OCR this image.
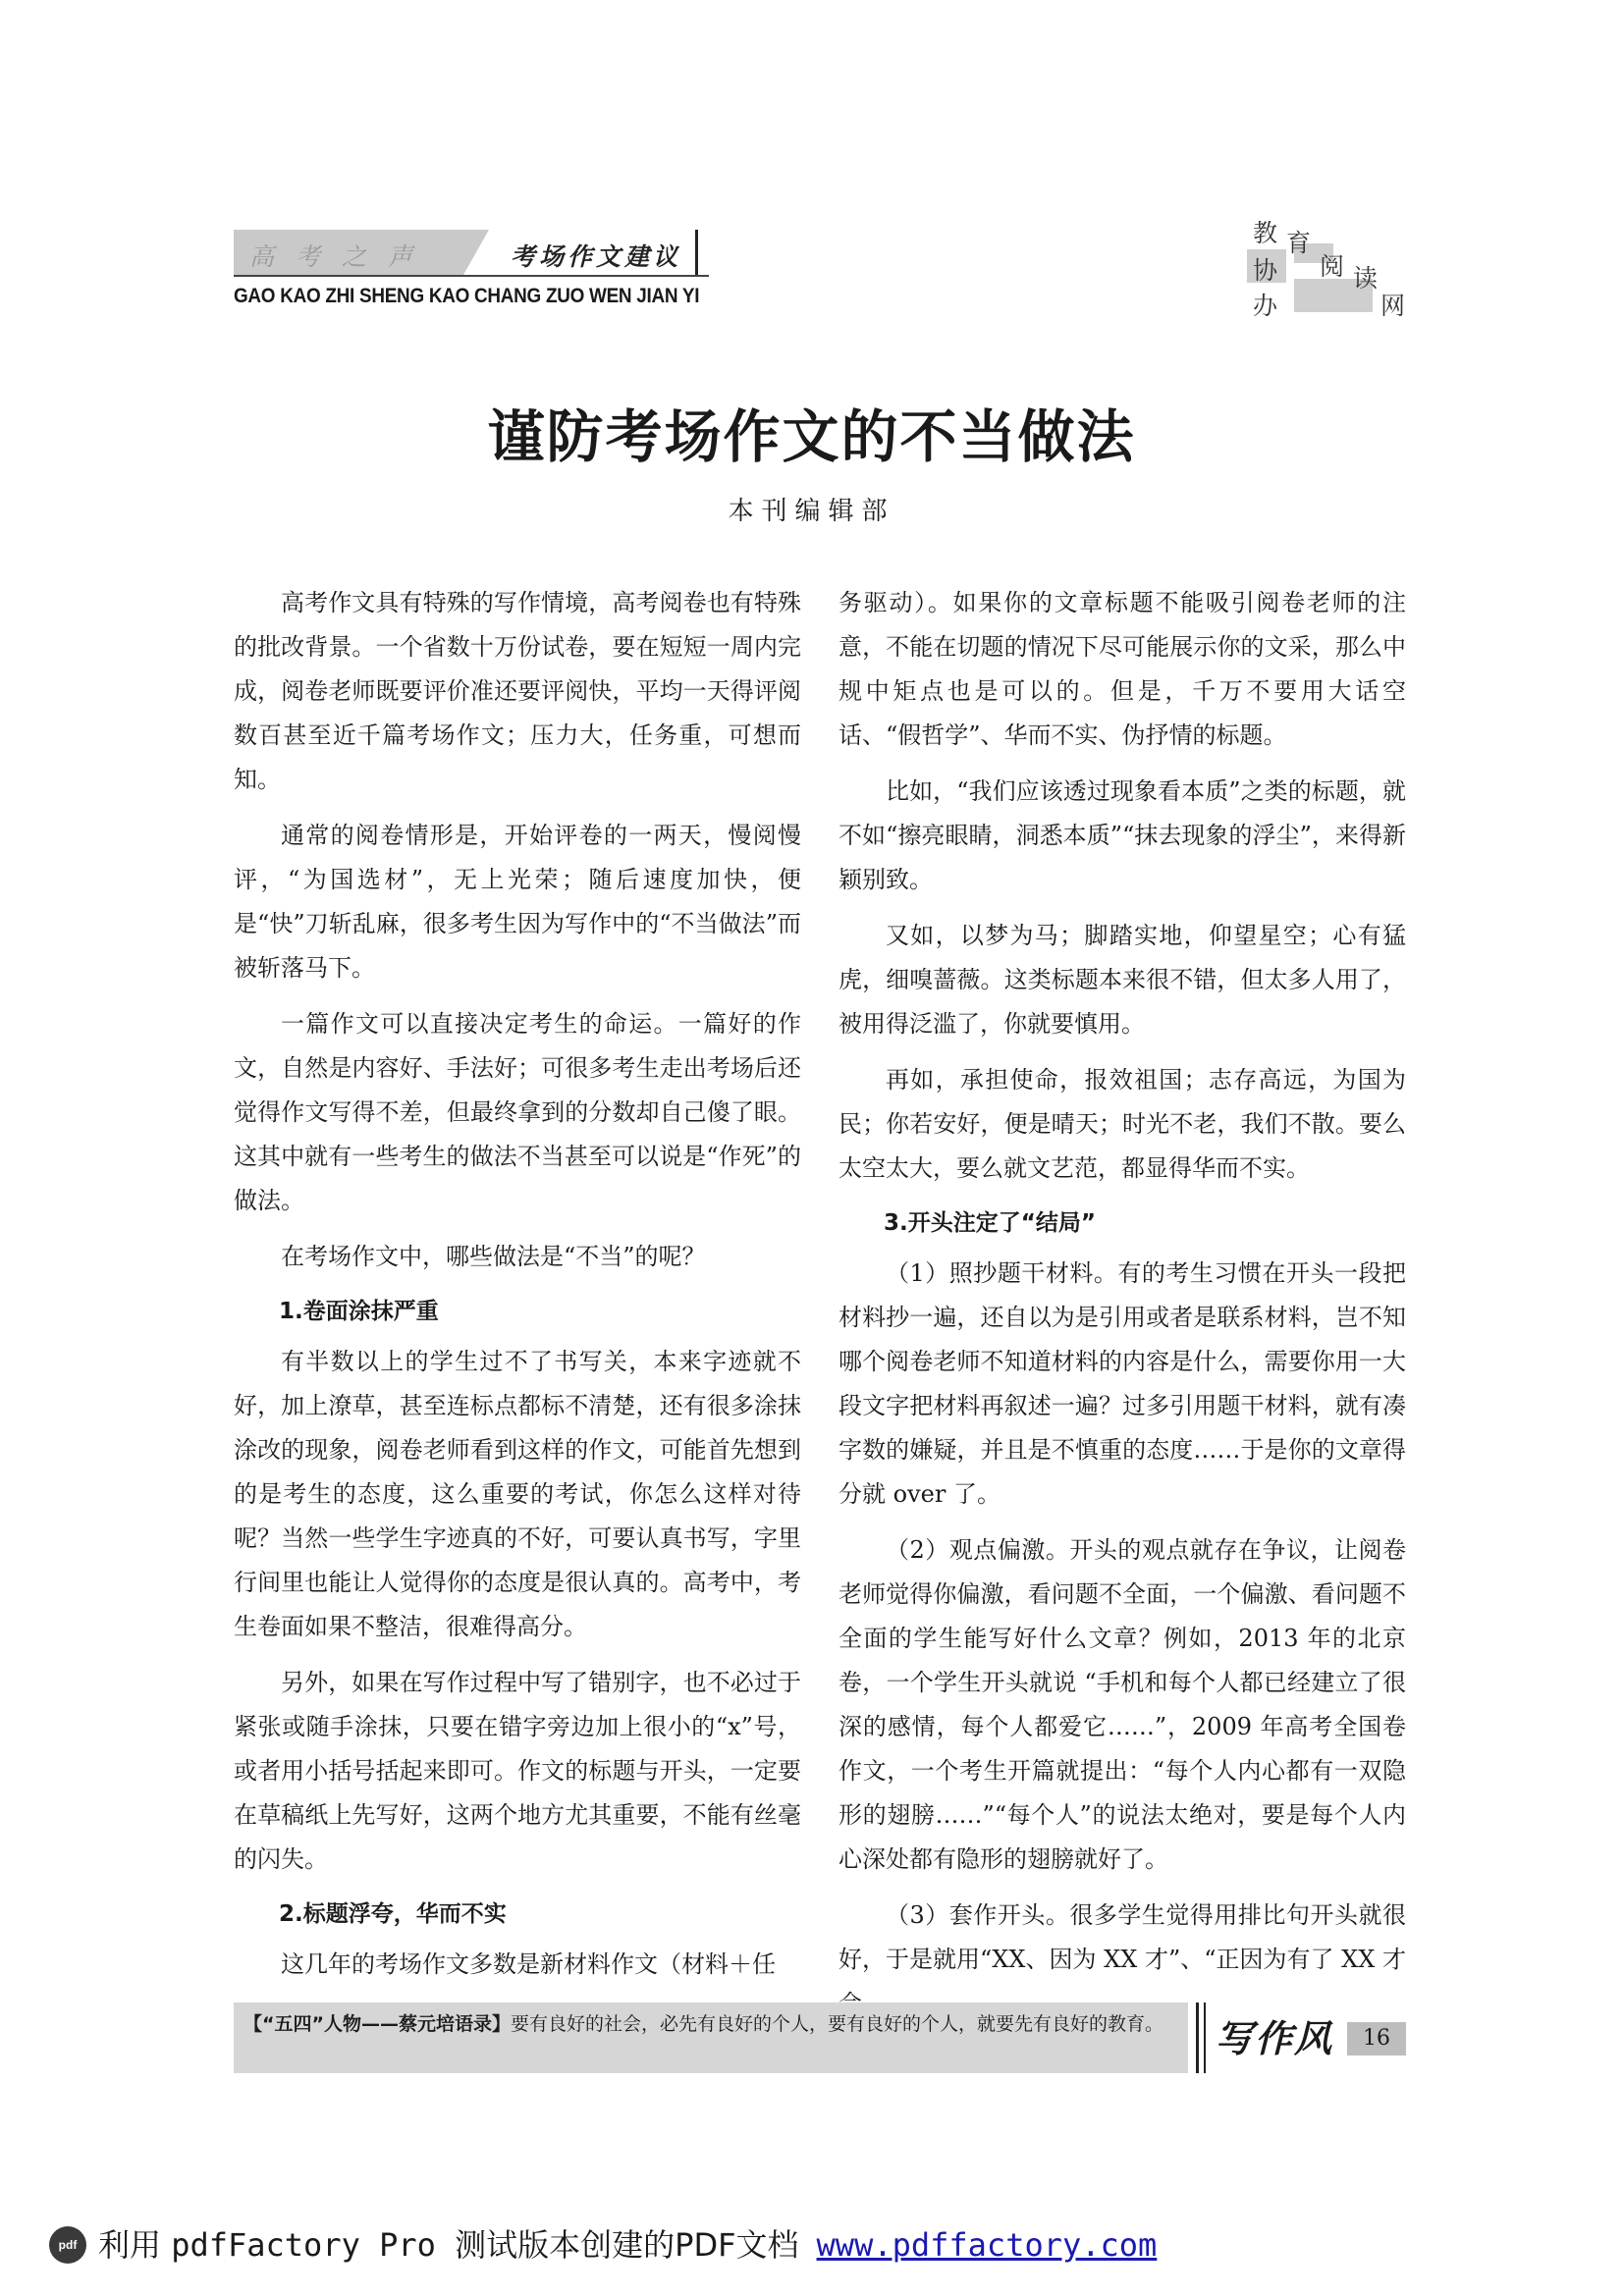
高考之声	考场作文建议
GAO KAO ZHI SHENG KAO CHANG ZUO WEN JIAN YI
教 育
协 阅 读
办	网
谨防考场作文的不当做法
本刊编辑部

高考作文具有特殊的写作情境，高考阅卷也有特殊的批改背景。一个省数十万份试卷，要在短短一周内完成，阅卷老师既要评价准还要评阅快，平均一天得评阅数百甚至近千篇考场作文；压力大，任务重，可想而知。

通常的阅卷情形是，开始评卷的一两天，慢阅慢评，“为国选材”，无上光荣；随后速度加快，便是“快”刀斩乱麻，很多考生因为写作中的“不当做法”而被斩落马下。

一篇作文可以直接决定考生的命运。一篇好的作文，自然是内容好、手法好；可很多考生走出考场后还觉得作文写得不差，但最终拿到的分数却自己傻了眼。这其中就有一些考生的做法不当甚至可以说是“作死”的做法。

在考场作文中，哪些做法是“不当”的呢？

1.卷面涂抹严重

有半数以上的学生过不了书写关，本来字迹就不好，加上潦草，甚至连标点都标不清楚，还有很多涂抹涂改的现象，阅卷老师看到这样的作文，可能首先想到的是考生的态度，这么重要的考试，你怎么这样对待呢？当然一些学生字迹真的不好，可要认真书写，字里行间里也能让人觉得你的态度是很认真的。高考中，考生卷面如果不整洁，很难得高分。

另外，如果在写作过程中写了错别字，也不必过于紧张或随手涂抹，只要在错字旁边加上很小的“x”号，或者用小括号括起来即可。作文的标题与开头，一定要在草稿纸上先写好，这两个地方尤其重要，不能有丝毫的闪失。

2.标题浮夸，华而不实

这几年的考场作文多数是新材料作文（材料＋任

务驱动）。如果你的文章标题不能吸引阅卷老师的注意，不能在切题的情况下尽可能展示你的文采，那么中规中矩点也是可以的。但是，千万不要用大话空话、“假哲学”、华而不实、伪抒情的标题。

比如，“我们应该透过现象看本质”之类的标题，就不如“擦亮眼睛，洞悉本质”“抹去现象的浮尘”，来得新颖别致。

又如，以梦为马；脚踏实地，仰望星空；心有猛虎，细嗅蔷薇。这类标题本来很不错，但太多人用了，被用得泛滥了，你就要慎用。

再如，承担使命，报效祖国；志存高远，为国为民；你若安好，便是晴天；时光不老，我们不散。要么太空太大，要么就文艺范，都显得华而不实。

3.开头注定了“结局”

（1）照抄题干材料。有的考生习惯在开头一段把材料抄一遍，还自以为是引用或者是联系材料，岂不知哪个阅卷老师不知道材料的内容是什么，需要你用一大段文字把材料再叙述一遍？过多引用题干材料，就有凑字数的嫌疑，并且是不慎重的态度……于是你的文章得分就 over 了。

（2）观点偏激。开头的观点就存在争议，让阅卷老师觉得你偏激，看问题不全面，一个偏激、看问题不全面的学生能写好什么文章？例如，2013 年的北京卷，一个学生开头就说 “手机和每个人都已经建立了很深的感情，每个人都爱它……”，2009 年高考全国卷作文，一个考生开篇就提出：“每个人内心都有一双隐形的翅膀……”“每个人”的说法太绝对，要是每个人内心深处都有隐形的翅膀就好了。

（3）套作开头。很多学生觉得用排比句开头就很好，于是就用“XX、因为 XX 才”、“正因为有了 XX 才

【“五四”人物——蔡元培语录】要有良好的社会，必先有良好的个人，要有良好的个人，就要先有良好的教育。	写作风	16
pdf 利用 pdfFactory Pro 测试版本创建的PDF文档 www.pdffactory.com
